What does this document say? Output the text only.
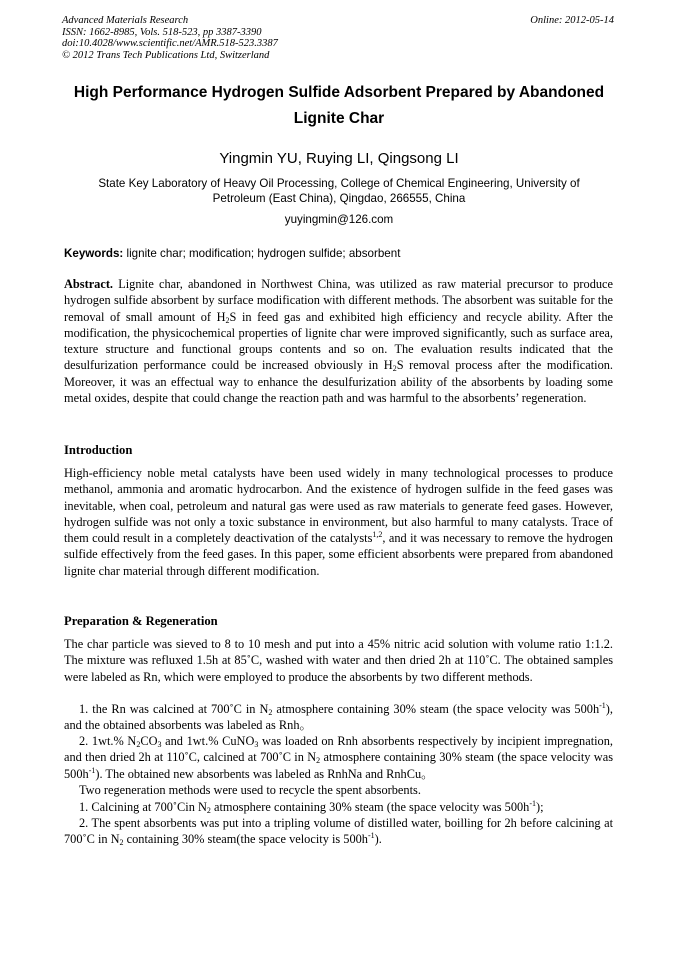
Advanced Materials Research
ISSN: 1662-8985, Vols. 518-523, pp 3387-3390
doi:10.4028/www.scientific.net/AMR.518-523.3387
© 2012 Trans Tech Publications Ltd, Switzerland
Online: 2012-05-14
High Performance Hydrogen Sulfide Adsorbent Prepared by Abandoned
Lignite Char
Yingmin YU, Ruying LI, Qingsong LI
State Key Laboratory of Heavy Oil Processing, College of Chemical Engineering, University of
Petroleum (East China), Qingdao, 266555, China
yuyingmin@126.com
Keywords: lignite char; modification; hydrogen sulfide; absorbent

Abstract. Lignite char, abandoned in Northwest China, was utilized as raw material precursor to produce hydrogen sulfide absorbent by surface modification with different methods. The absorbent was suitable for the removal of small amount of $H_2S$ in feed gas and exhibited high efficiency and recycle ability. After the modification, the physicochemical properties of lignite char were improved significantly, such as surface area, texture structure and functional groups contents and so on. The evaluation results indicated that the desulfurization performance could be increased obviously in $H_2S$ removal process after the modification. Moreover, it was an effectual way to enhance the desulfurization ability of the absorbents by loading some metal oxides, despite that could change the reaction path and was harmful to the absorbents’ regeneration.

Introduction

High-efficiency noble metal catalysts have been used widely in many technological processes to produce methanol, ammonia and aromatic hydrocarbon. And the existence of hydrogen sulfide in the feed gases was inevitable, when coal, petroleum and natural gas were used as raw materials to generate feed gases. However, hydrogen sulfide was not only a toxic substance in environment, but also harmful to many catalysts. Trace of them could result in a completely deactivation of the catalysts$^{1,2}$, and it was necessary to remove the hydrogen sulfide effectively from the feed gases. In this paper, some efficient absorbents were prepared from abandoned lignite char material through different modification.

Preparation & Regeneration

The char particle was sieved to 8 to 10 mesh and put into a 45% nitric acid solution with volume ratio 1:1.2. The mixture was refluxed 1.5h at 85˚C, washed with water and then dried 2h at 110˚C. The obtained samples were labeled as Rn, which were employed to produce the absorbents by two different methods.

1. the Rn was calcined at 700˚C in $N_2$ atmosphere containing 30% steam (the space velocity was $500h^{-1}$), and the obtained absorbents was labeled as Rnh。

2. 1wt.% $N_2CO_3$ and 1wt.% CuNO$_3$ was loaded on Rnh absorbents respectively by incipient impregnation, and then dried 2h at 110˚C, calcined at 700˚C in $N_2$ atmosphere containing 30% steam (the space velocity was $500h^{-1}$). The obtained new absorbents was labeled as RnhNa and RnhCu。

Two regeneration methods were used to recycle the spent absorbents.

1. Calcining at 700˚Cin $N_2$ atmosphere containing 30% steam (the space velocity was $500h^{-1}$);

2. The spent absorbents was put into a tripling volume of distilled water, boilling for 2h before calcining at 700˚C in $N_2$ containing 30% steam(the space velocity is $500h^{-1}$).
